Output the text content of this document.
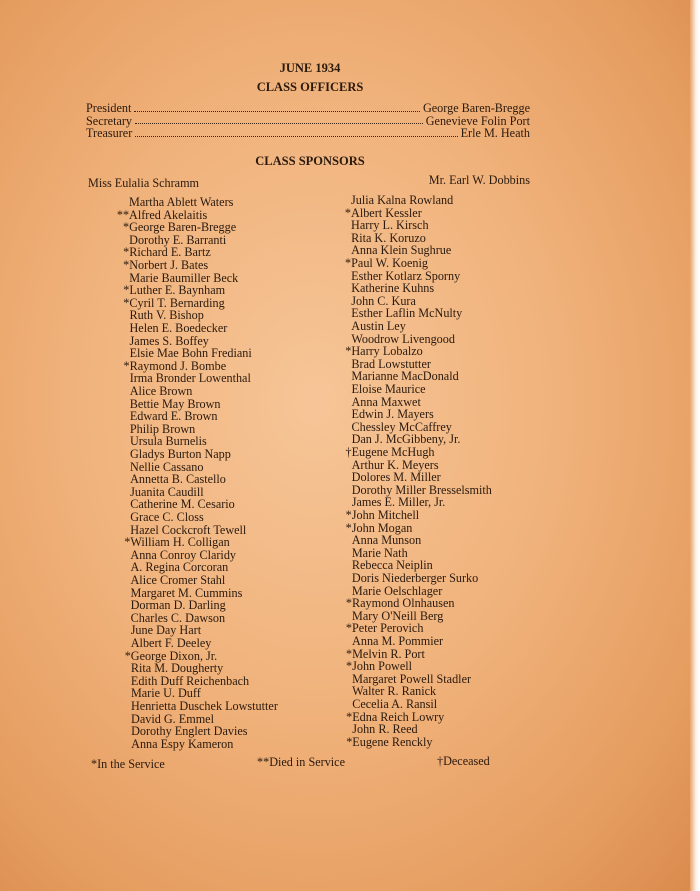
JUNE 1934
CLASS OFFICERS
President	George Baren-Bregge
Secretary	Genevieve Folin Port
Treasurer	Erle M. Heath
CLASS SPONSORS
Miss Eulalia Schramm	Mr. Earl W. Dobbins
Martha Ablett Waters
** Alfred Akelaitis
* George Baren-Bregge
Dorothy E. Barranti
* Richard E. Bartz
* Norbert J. Bates
Marie Baumiller Beck
* Luther E. Baynham
* Cyril T. Bernarding
Ruth V. Bishop
Helen E. Boedecker
James S. Boffey
Elsie Mae Bohn Frediani
* Raymond J. Bombe
Irma Bronder Lowenthal
Alice Brown
Bettie May Brown
Edward E. Brown
Philip Brown
Ursula Burnelis
Gladys Burton Napp
Nellie Cassano
Annetta B. Castello
Juanita Caudill
Catherine M. Cesario
Grace C. Closs
Hazel Cockcroft Tewell
* William H. Colligan
Anna Conroy Claridy
A. Regina Corcoran
Alice Cromer Stahl
Margaret M. Cummins
Dorman D. Darling
Charles C. Dawson
June Day Hart
Albert F. Deeley
* George Dixon, Jr.
Rita M. Dougherty
Edith Duff Reichenbach
Marie U. Duff
Henrietta Duschek Lowstutter
David G. Emmel
Dorothy Englert Davies
Anna Espy Kameron
Julia Kalna Rowland
* Albert Kessler
Harry L. Kirsch
Rita K. Koruzo
Anna Klein Sughrue
* Paul W. Koenig
Esther Kotlarz Sporny
Katherine Kuhns
John C. Kura
Esther Laflin McNulty
Austin Ley
Woodrow Livengood
* Harry Lobalzo
Brad Lowstutter
Marianne MacDonald
Eloise Maurice
Anna Maxwet
Edwin J. Mayers
Chessley McCaffrey
Dan J. McGibbeny, Jr.
† Eugene McHugh
Arthur K. Meyers
Dolores M. Miller
Dorothy Miller Bresselsmith
James E. Miller, Jr.
* John Mitchell
* John Mogan
Anna Munson
Marie Nath
Rebecca Neiplin
Doris Niederberger Surko
Marie Oelschlager
* Raymond Olnhausen
Mary O'Neill Berg
* Peter Perovich
Anna M. Pommier
* Melvin R. Port
* John Powell
Margaret Powell Stadler
Walter R. Ranick
Cecelia A. Ransil
* Edna Reich Lowry
John R. Reed
* Eugene Renckly
*In the Service	**Died in Service	†Deceased
